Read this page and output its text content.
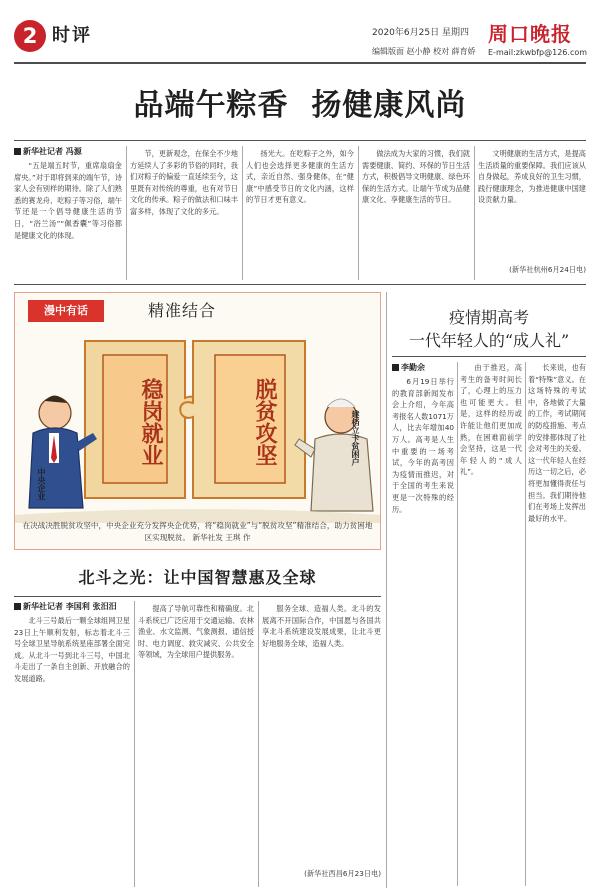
2 时评	2020年6月25日 星期四
编辑版面 赵小静 校对 薛育娇
周口晚报
E-mail:zkwbfp@126.com
品端午粽香  扬健康风尚
新华社记者 冯源

“五是端五时节，重席扇扇金席央。”对于即将到来的端午节，诗家人会有别样的期待。除了人们熟悉的赛龙舟、吃粽子等习俗，端午节还是一个倡导健康生活的节日，“浴兰汤”“佩香囊”等习俗都是健康文化的体现。

节，更新观念，在保全不少地方延续人了多彩的节俗的同时，我们对粽子的偏爱一直延续至今，这里既有对传统的尊重，也有对节日文化的传承。粽子的做法和口味丰富多样，体现了文化的多元。

扬光大。在吃粽子之外，如今人们也会选择更多健康的生活方式，亲近自然、强身健体，在“健康”中感受节日的文化内涵，这样的节日才更有意义。

做法成为大家的习惯，我们就需要健康、简约、环保的节日生活方式，积极倡导文明健康、绿色环保的生活方式。让端午节成为品健康文化、享健康生活的节日。

文明健康的生活方式，是提高生活质量的重要保障。我们应该从自身做起，养成良好的卫生习惯，践行健康理念，为推进健康中国建设贡献力量。

(新华社杭州6月24日电)
漫中有话	精准结合
稳岗就业	脱贫攻坚
中央企业
建档立卡贫困户
在决战决胜脱贫攻坚中，中央企业充分发挥央企优势，将“稳岗就业”与“脱贫攻坚”精准结合，助力贫困地区实现脱贫。 新华社发 王琪 作
疫情期高考
一代年轻人的“成人礼”
李勤余

6月19日举行的教育部新闻发布会上介绍，今年高考报名人数1071万人，比去年增加40万人。高考是人生中重要的一场考试，今年的高考因为疫情而推迟，对于全国的考生来说更是一次特殊的经历。

由于推迟，高考生的备考时间长了，心理上的压力也可能更大。但是，这样的经历或许能让他们更加成熟，在困难面前学会坚持，这是一代年轻人的“成人礼”。

长来说，也有着“特殊”意义。在这场特殊的考试中，各地做了大量的工作，考试期间的防疫措施、考点的安排都体现了社会对考生的关爱。这一代年轻人在经历这一切之后，必将更加懂得责任与担当。我们期待他们在考场上发挥出最好的水平。

北斗之光：让中国智慧惠及全球
新华社记者 李国利 张汨汨

北斗三号最后一颗全球组网卫星23日上午顺利发射，标志着北斗三号全球卫星导航系统星座部署全面完成。从北斗一号到北斗三号，中国北斗走出了一条自主创新、开放融合的发展道路。

提高了导航可靠性和精确度。北斗系统已广泛应用于交通运输、农林渔业、水文监测、气象测报、通信授时、电力调度、救灾减灾、公共安全等领域，为全球用户提供服务。

服务全球、造福人类。北斗的发展离不开国际合作，中国愿与各国共享北斗系统建设发展成果，让北斗更好地服务全球，造福人类。

(新华社西昌6月23日电)
